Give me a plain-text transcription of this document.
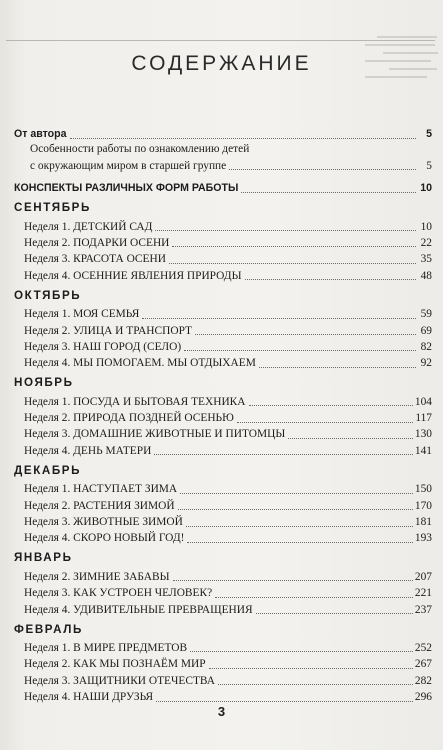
СОДЕРЖАНИЕ
От автора	5
Особенности работы по ознакомлению детей
с окружающим миром в старшей группе	5
КОНСПЕКТЫ РАЗЛИЧНЫХ ФОРМ РАБОТЫ	10
СЕНТЯБРЬ
Неделя 1. ДЕТСКИЙ САД	10
Неделя 2. ПОДАРКИ ОСЕНИ	22
Неделя 3. КРАСОТА ОСЕНИ	35
Неделя 4. ОСЕННИЕ ЯВЛЕНИЯ ПРИРОДЫ	48
ОКТЯБРЬ
Неделя 1. МОЯ СЕМЬЯ	59
Неделя 2. УЛИЦА И ТРАНСПОРТ	69
Неделя 3. НАШ ГОРОД (СЕЛО)	82
Неделя 4. МЫ ПОМОГАЕМ. МЫ ОТДЫХАЕМ	92
НОЯБРЬ
Неделя 1. ПОСУДА И БЫТОВАЯ ТЕХНИКА	104
Неделя 2. ПРИРОДА ПОЗДНЕЙ ОСЕНЬЮ	117
Неделя 3. ДОМАШНИЕ ЖИВОТНЫЕ И ПИТОМЦЫ	130
Неделя 4. ДЕНЬ МАТЕРИ	141
ДЕКАБРЬ
Неделя 1. НАСТУПАЕТ ЗИМА	150
Неделя 2. РАСТЕНИЯ ЗИМОЙ	170
Неделя 3. ЖИВОТНЫЕ ЗИМОЙ	181
Неделя 4. СКОРО НОВЫЙ ГОД!	193
ЯНВАРЬ
Неделя 2. ЗИМНИЕ ЗАБАВЫ	207
Неделя 3. КАК УСТРОЕН ЧЕЛОВЕК?	221
Неделя 4. УДИВИТЕЛЬНЫЕ ПРЕВРАЩЕНИЯ	237
ФЕВРАЛЬ
Неделя 1. В МИРЕ ПРЕДМЕТОВ	252
Неделя 2. КАК МЫ ПОЗНАЁМ МИР	267
Неделя 3. ЗАЩИТНИКИ ОТЕЧЕСТВА	282
Неделя 4. НАШИ ДРУЗЬЯ	296
3
